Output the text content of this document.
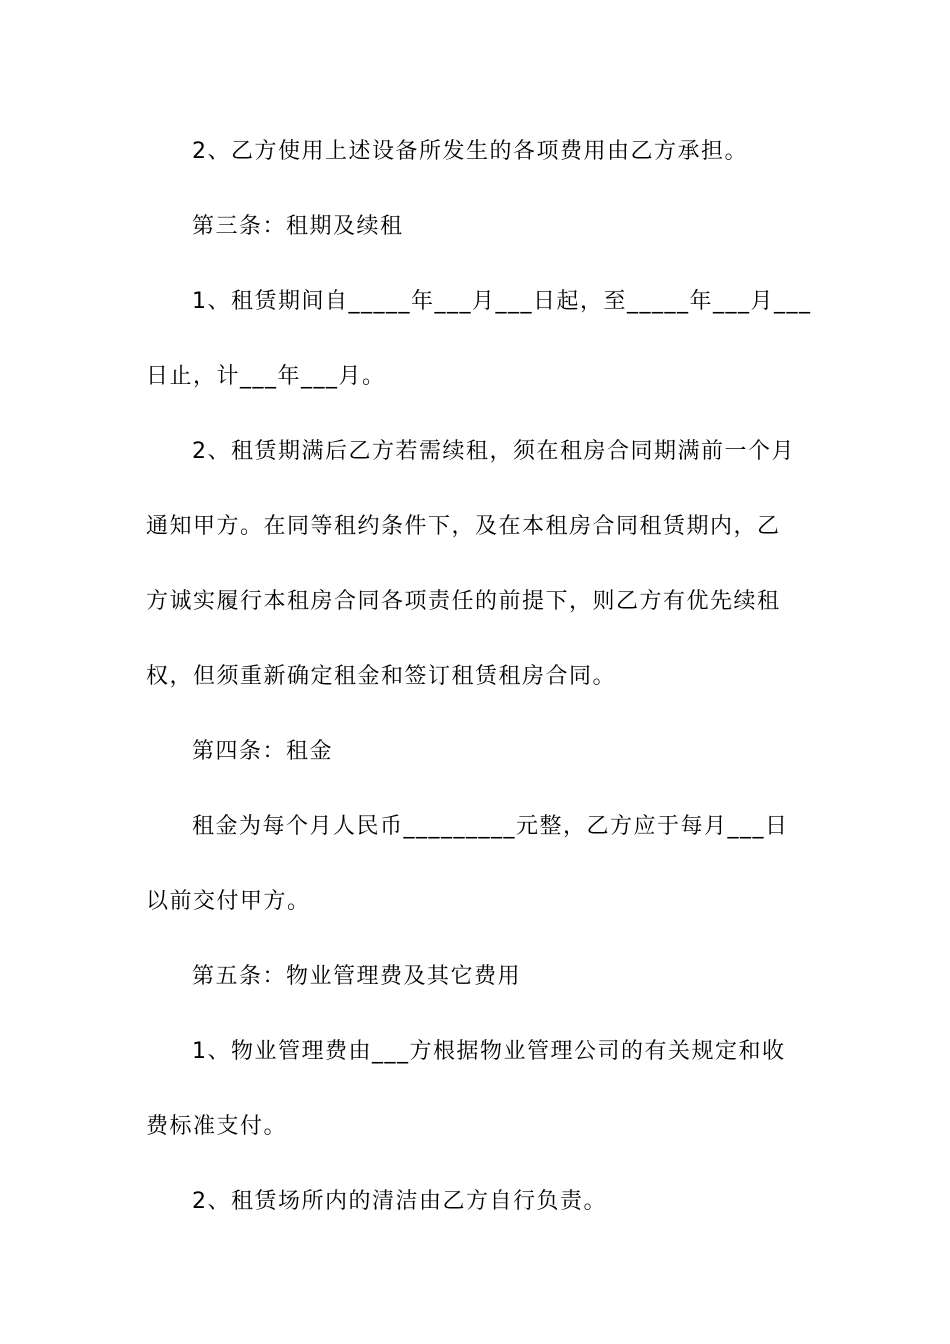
2、乙方使用上述设备所发生的各项费用由乙方承担。
第三条：租期及续租
1、租赁期间自_____年___月___日起，至_____年___月___
日止，计___年___月。
2、租赁期满后乙方若需续租，须在租房合同期满前一个月
通知甲方。在同等租约条件下，及在本租房合同租赁期内，乙
方诚实履行本租房合同各项责任的前提下，则乙方有优先续租
权，但须重新确定租金和签订租赁租房合同。
第四条：租金
租金为每个月人民币_________元整，乙方应于每月___日
以前交付甲方。
第五条：物业管理费及其它费用
1、物业管理费由___方根据物业管理公司的有关规定和收
费标准支付。
2、租赁场所内的清洁由乙方自行负责。
